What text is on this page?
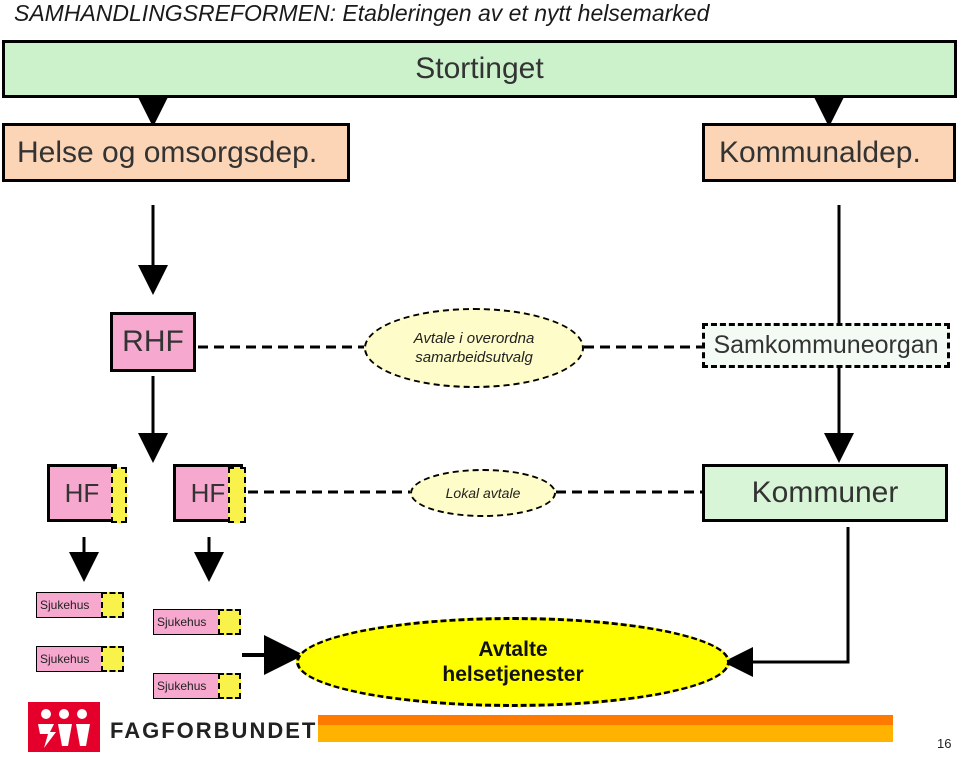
SAMHANDLINGSREFORMEN: Etableringen av et nytt helsemarked
Stortinget
Helse og omsorgsdep.	Kommunaldep.
RHF	Avtale i overordna samarbeidsutvalg	Samkommuneorgan
HF	HF	Lokal avtale	Kommuner
Sjukehus
Sjukehus
Sjukehus
Sjukehus
Avtalte helsetjenester
FAGFORBUNDET
16
